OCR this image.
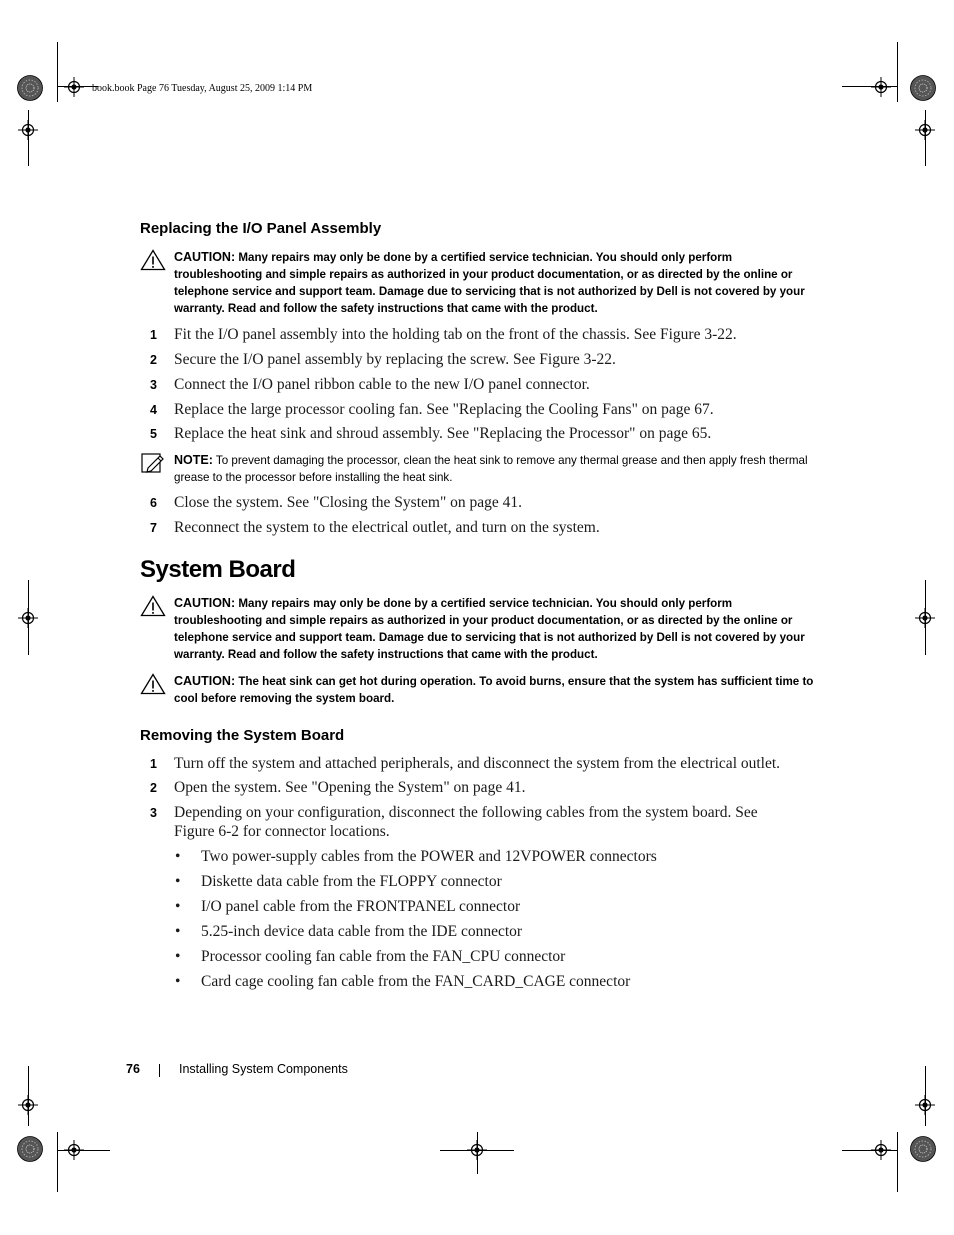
book.book Page 76 Tuesday, August 25, 2009 1:14 PM
Replacing the I/O Panel Assembly
CAUTION: Many repairs may only be done by a certified service technician. You should only perform troubleshooting and simple repairs as authorized in your product documentation, or as directed by the online or telephone service and support team. Damage due to servicing that is not authorized by Dell is not covered by your warranty. Read and follow the safety instructions that came with the product.
1 Fit the I/O panel assembly into the holding tab on the front of the chassis. See Figure 3-22.
2 Secure the I/O panel assembly by replacing the screw. See Figure 3-22.
3 Connect the I/O panel ribbon cable to the new I/O panel connector.
4 Replace the large processor cooling fan. See "Replacing the Cooling Fans" on page 67.
5 Replace the heat sink and shroud assembly. See "Replacing the Processor" on page 65.
NOTE: To prevent damaging the processor, clean the heat sink to remove any thermal grease and then apply fresh thermal grease to the processor before installing the heat sink.
6 Close the system. See "Closing the System" on page 41.
7 Reconnect the system to the electrical outlet, and turn on the system.
System Board
CAUTION: Many repairs may only be done by a certified service technician. You should only perform troubleshooting and simple repairs as authorized in your product documentation, or as directed by the online or telephone service and support team. Damage due to servicing that is not authorized by Dell is not covered by your warranty. Read and follow the safety instructions that came with the product.
CAUTION: The heat sink can get hot during operation. To avoid burns, ensure that the system has sufficient time to cool before removing the system board.
Removing the System Board
1 Turn off the system and attached peripherals, and disconnect the system from the electrical outlet.
2 Open the system. See "Opening the System" on page 41.
3 Depending on your configuration, disconnect the following cables from the system board. See Figure 6-2 for connector locations.
• Two power-supply cables from the POWER and 12VPOWER connectors
• Diskette data cable from the FLOPPY connector
• I/O panel cable from the FRONTPANEL connector
• 5.25-inch device data cable from the IDE connector
• Processor cooling fan cable from the FAN_CPU connector
• Card cage cooling fan cable from the FAN_CARD_CAGE connector
76	Installing System Components
